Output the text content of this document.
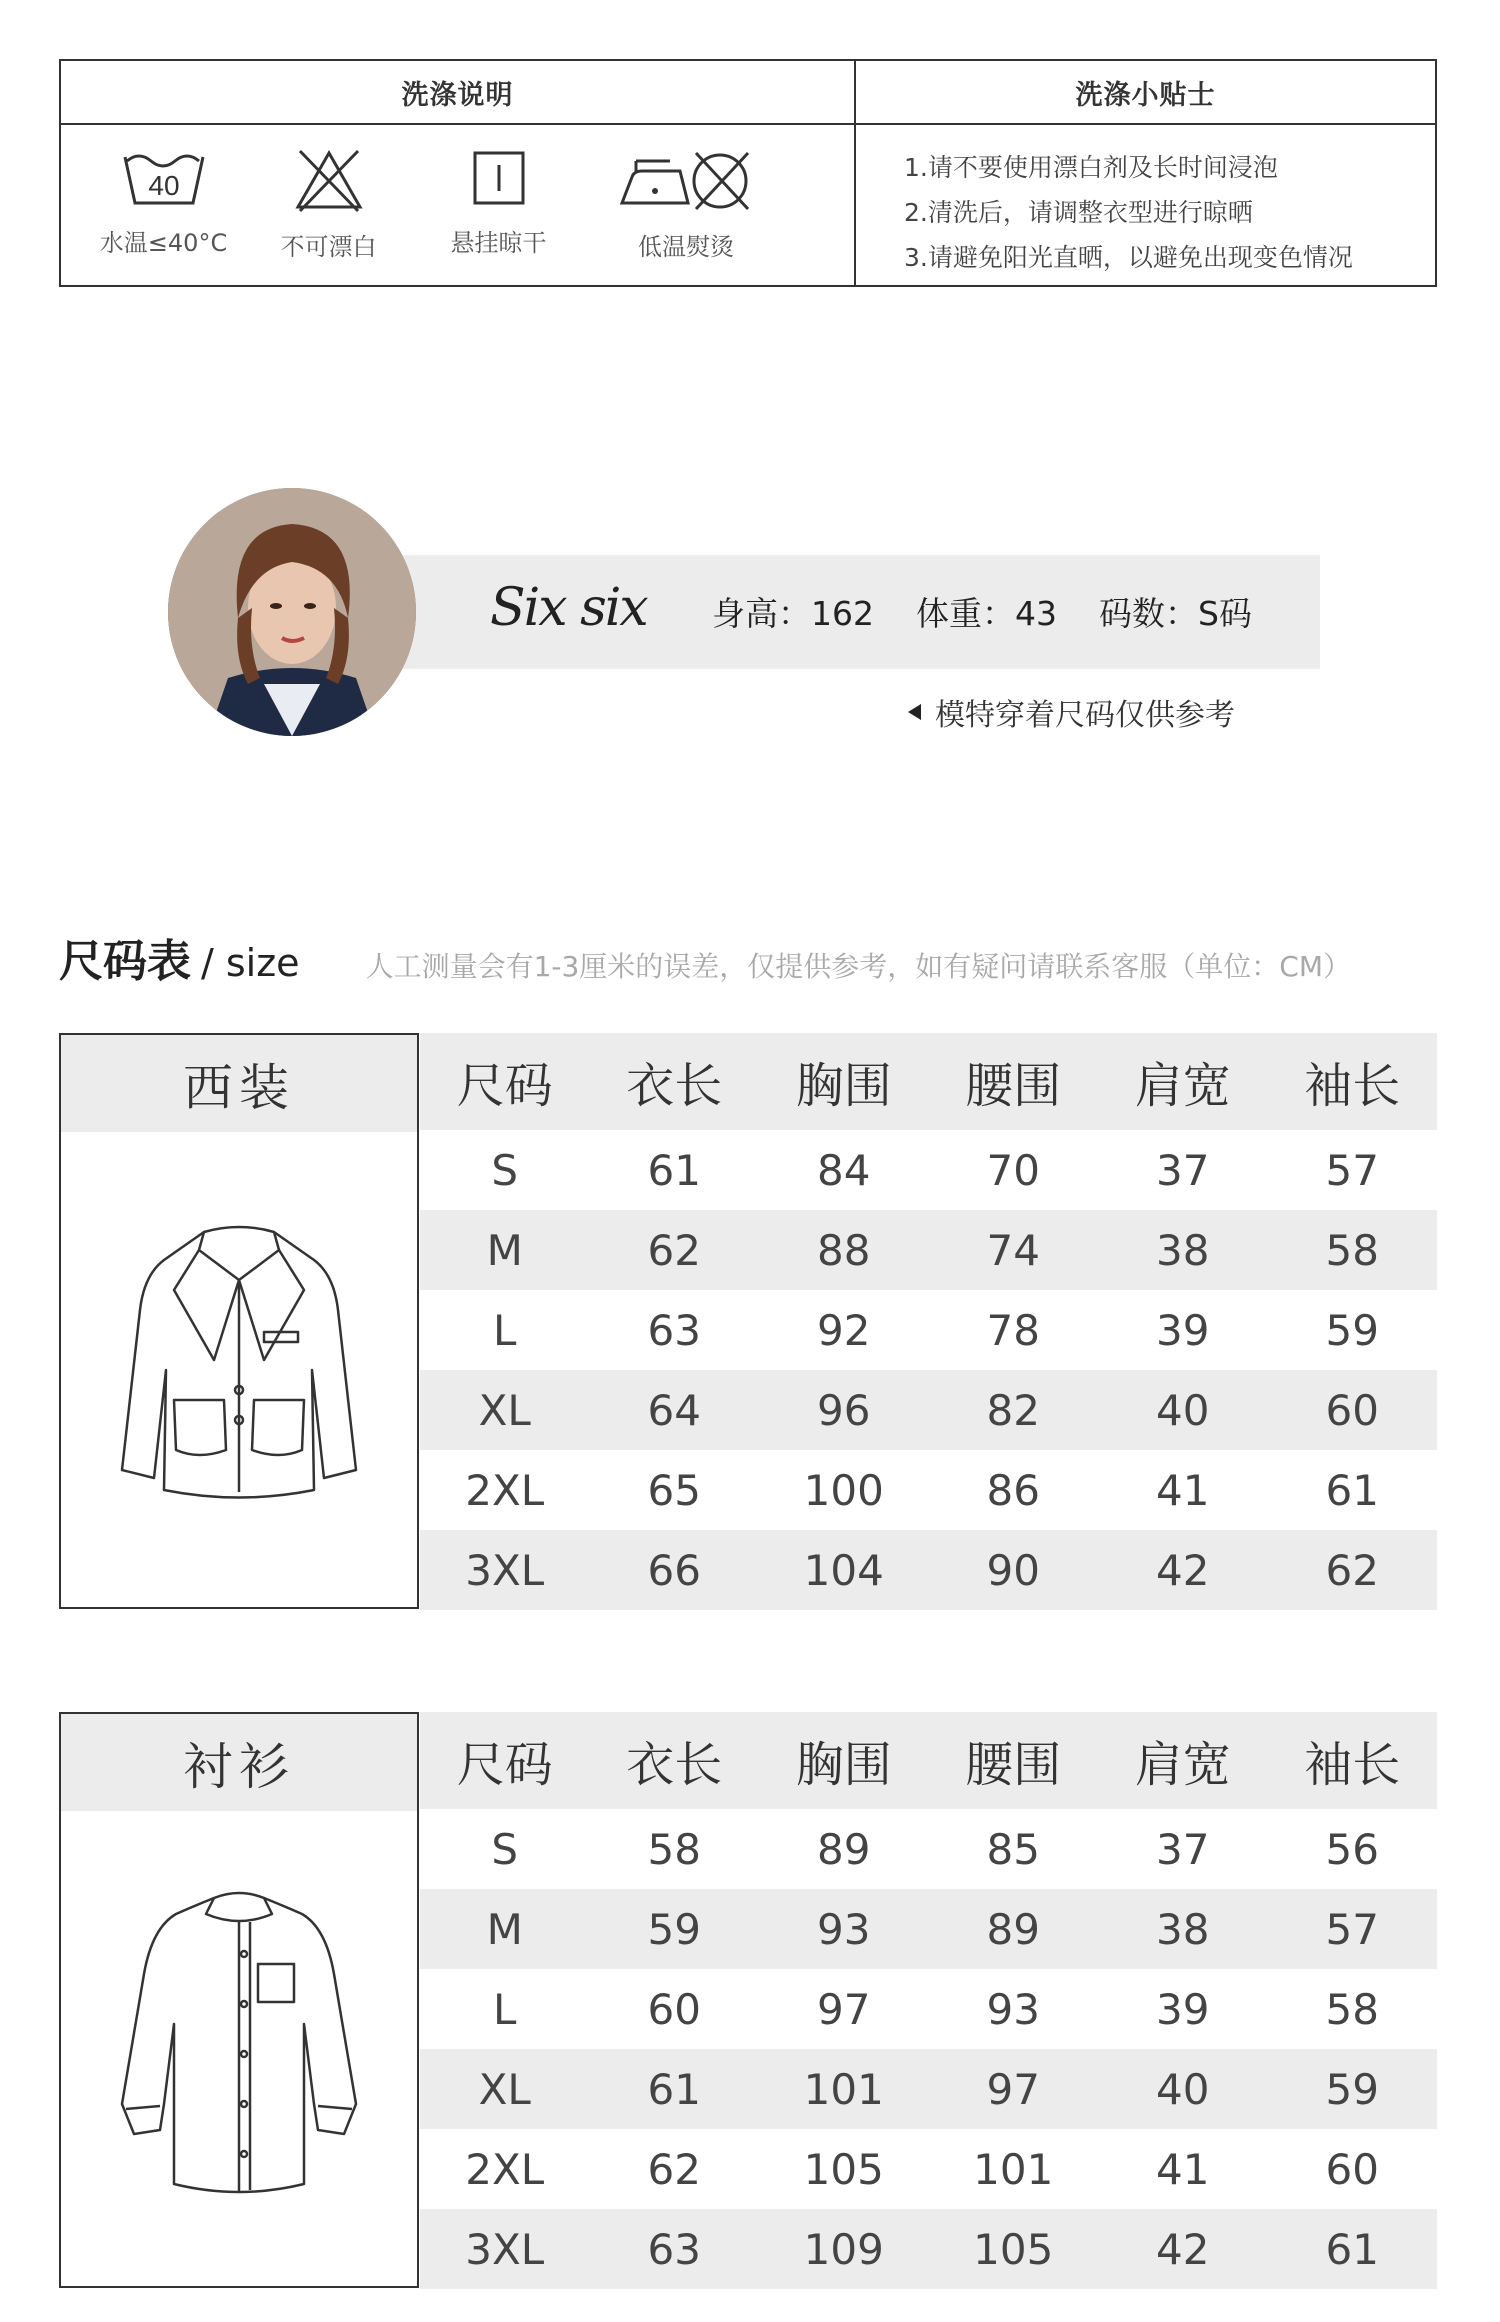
洗涤说明
40
水温≤40°C 不可漂白	悬挂晾干	低温熨烫
洗涤小贴士
1.请不要使用漂白剂及长时间浸泡
2.清洗后，请调整衣型进行晾晒
3.请避免阳光直晒，以避免出现变色情况
Six six 身高：162 体重：43 码数：S码
模特穿着尺码仅供参考
尺码表 / size 人工测量会有1-3厘米的误差，仅提供参考，如有疑问请联系客服（单位：CM）
西装	尺码	衣长	胸围	腰围	肩宽	袖长
S	61	84	70	37	57
M	62	88	74	38	58
L	63	92	78	39	59
XL	64	96	82	40	60
2XL	65	100	86	41	61
3XL	66	104	90	42	62
衬衫	尺码	衣长	胸围	腰围	肩宽	袖长
S	58	89	85	37	56
M	59	93	89	38	57
L	60	97	93	39	58
XL	61	101	97	40	59
2XL	62	105	101	41	60
3XL	63	109	105	42	61
